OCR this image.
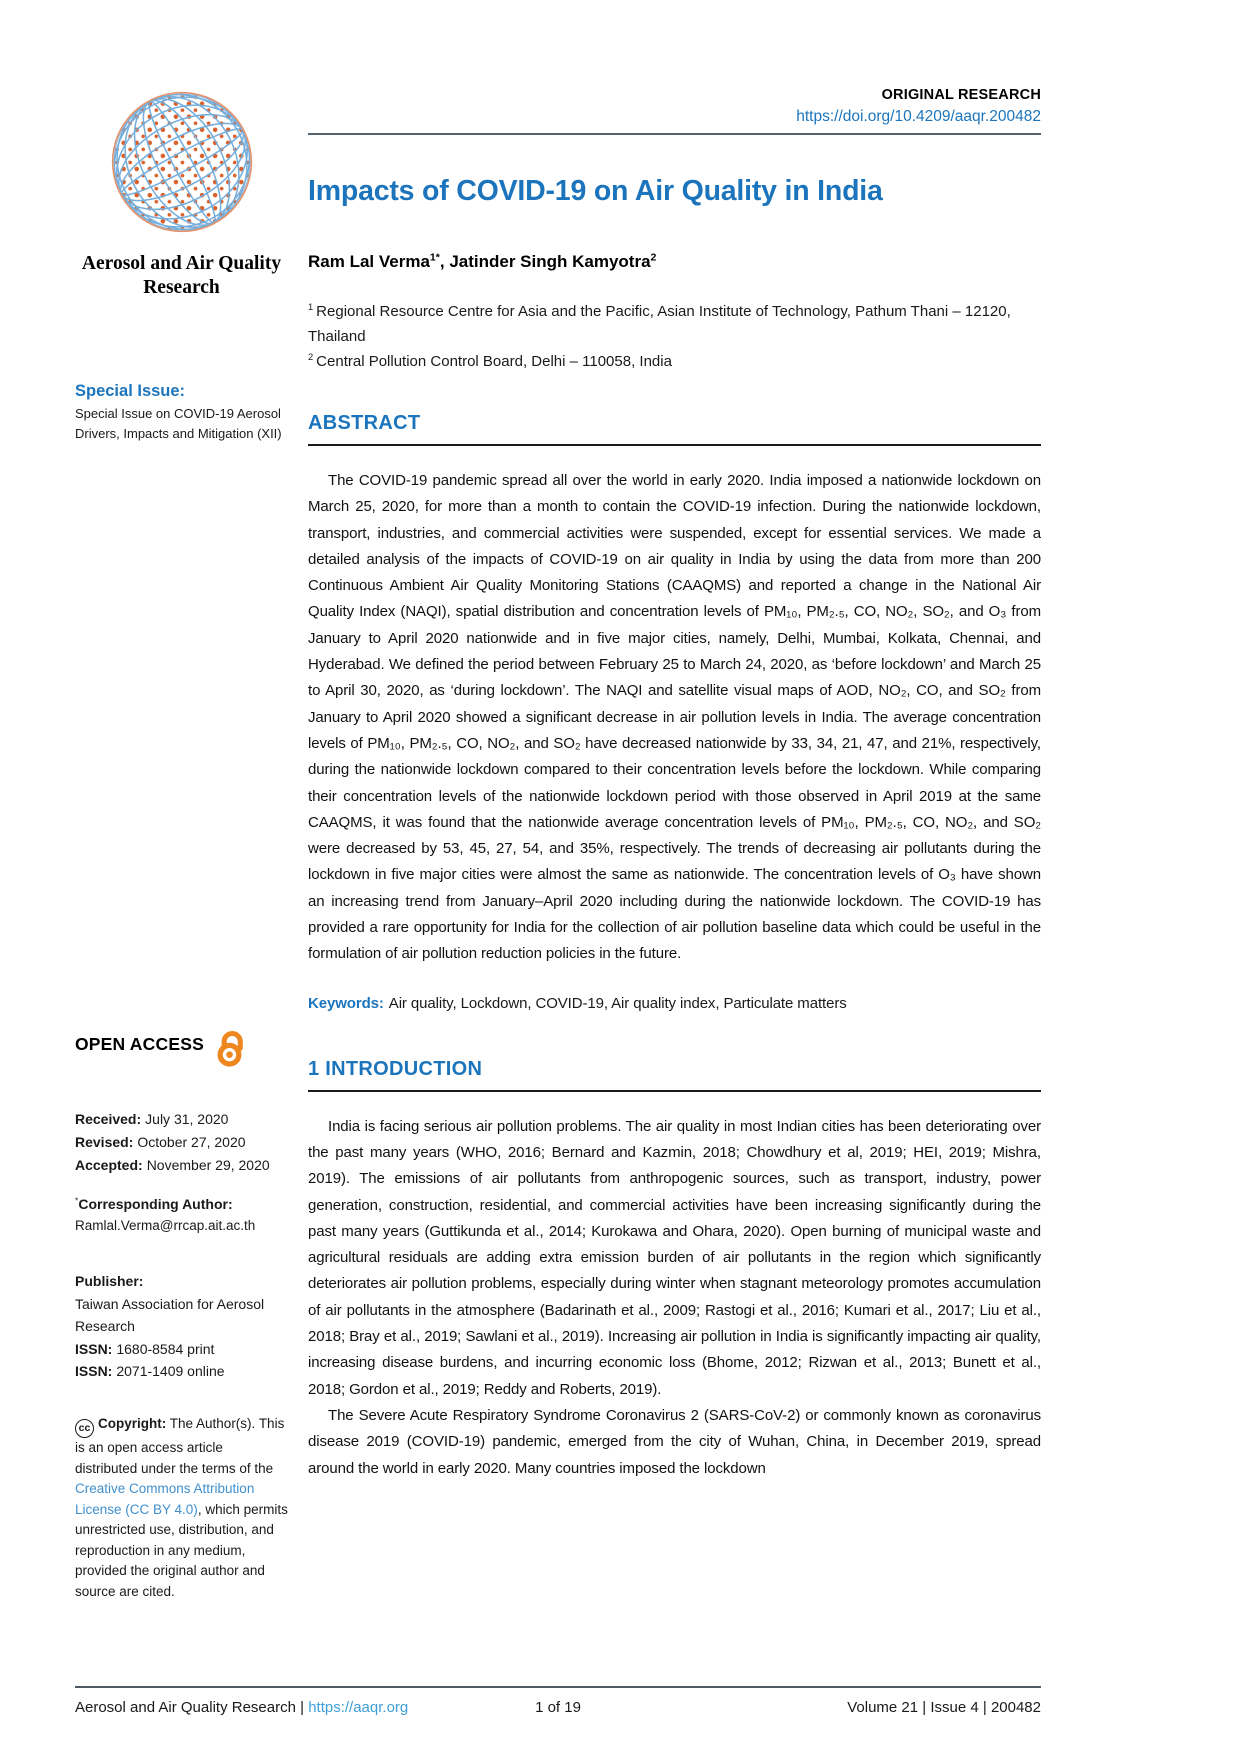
Aerosol and Air Quality Research
Special Issue:
Special Issue on COVID-19 Aerosol Drivers, Impacts and Mitigation (XII)
OPEN ACCESS
Received: July 31, 2020
Revised: October 27, 2020
Accepted: November 29, 2020
*Corresponding Author:
Ramlal.Verma@rrcap.ait.ac.th
Publisher:
Taiwan Association for Aerosol Research
ISSN: 1680-8584 print
ISSN: 2071-1409 online
cc Copyright: The Author(s). This is an open access article distributed under the terms of the Creative Commons Attribution License (CC BY 4.0), which permits unrestricted use, distribution, and reproduction in any medium, provided the original author and source are cited.
ORIGINAL RESEARCH
https://doi.org/10.4209/aaqr.200482
Impacts of COVID-19 on Air Quality in India
Ram Lal Verma$^{1*}$, Jatinder Singh Kamyotra$^2$
$^1$ Regional Resource Centre for Asia and the Pacific, Asian Institute of Technology, Pathum Thani – 12120, Thailand
$^2$ Central Pollution Control Board, Delhi – 110058, India
ABSTRACT

The COVID-19 pandemic spread all over the world in early 2020. India imposed a nationwide lockdown on March 25, 2020, for more than a month to contain the COVID-19 infection. During the nationwide lockdown, transport, industries, and commercial activities were suspended, except for essential services. We made a detailed analysis of the impacts of COVID-19 on air quality in India by using the data from more than 200 Continuous Ambient Air Quality Monitoring Stations (CAAQMS) and reported a change in the National Air Quality Index (NAQI), spatial distribution and concentration levels of PM₁₀, PM₂.₅, CO, NO₂, SO₂, and O₃ from January to April 2020 nationwide and in five major cities, namely, Delhi, Mumbai, Kolkata, Chennai, and Hyderabad. We defined the period between February 25 to March 24, 2020, as ‘before lockdown’ and March 25 to April 30, 2020, as ‘during lockdown’. The NAQI and satellite visual maps of AOD, NO₂, CO, and SO₂ from January to April 2020 showed a significant decrease in air pollution levels in India. The average concentration levels of PM₁₀, PM₂.₅, CO, NO₂, and SO₂ have decreased nationwide by 33, 34, 21, 47, and 21%, respectively, during the nationwide lockdown compared to their concentration levels before the lockdown. While comparing their concentration levels of the nationwide lockdown period with those observed in April 2019 at the same CAAQMS, it was found that the nationwide average concentration levels of PM₁₀, PM₂.₅, CO, NO₂, and SO₂ were decreased by 53, 45, 27, 54, and 35%, respectively. The trends of decreasing air pollutants during the lockdown in five major cities were almost the same as nationwide. The concentration levels of O₃ have shown an increasing trend from January–April 2020 including during the nationwide lockdown. The COVID-19 has provided a rare opportunity for India for the collection of air pollution baseline data which could be useful in the formulation of air pollution reduction policies in the future.

Keywords: Air quality, Lockdown, COVID-19, Air quality index, Particulate matters
1 INTRODUCTION

India is facing serious air pollution problems. The air quality in most Indian cities has been deteriorating over the past many years (WHO, 2016; Bernard and Kazmin, 2018; Chowdhury et al, 2019; HEI, 2019; Mishra, 2019). The emissions of air pollutants from anthropogenic sources, such as transport, industry, power generation, construction, residential, and commercial activities have been increasing significantly during the past many years (Guttikunda et al., 2014; Kurokawa and Ohara, 2020). Open burning of municipal waste and agricultural residuals are adding extra emission burden of air pollutants in the region which significantly deteriorates air pollution problems, especially during winter when stagnant meteorology promotes accumulation of air pollutants in the atmosphere (Badarinath et al., 2009; Rastogi et al., 2016; Kumari et al., 2017; Liu et al., 2018; Bray et al., 2019; Sawlani et al., 2019). Increasing air pollution in India is significantly impacting air quality, increasing disease burdens, and incurring economic loss (Bhome, 2012; Rizwan et al., 2013; Bunett et al., 2018; Gordon et al., 2019; Reddy and Roberts, 2019).

The Severe Acute Respiratory Syndrome Coronavirus 2 (SARS-CoV-2) or commonly known as coronavirus disease 2019 (COVID-19) pandemic, emerged from the city of Wuhan, China, in December 2019, spread around the world in early 2020. Many countries imposed the lockdown

Aerosol and Air Quality Research | https://aaqr.org	1 of 19	Volume 21 | Issue 4 | 200482
